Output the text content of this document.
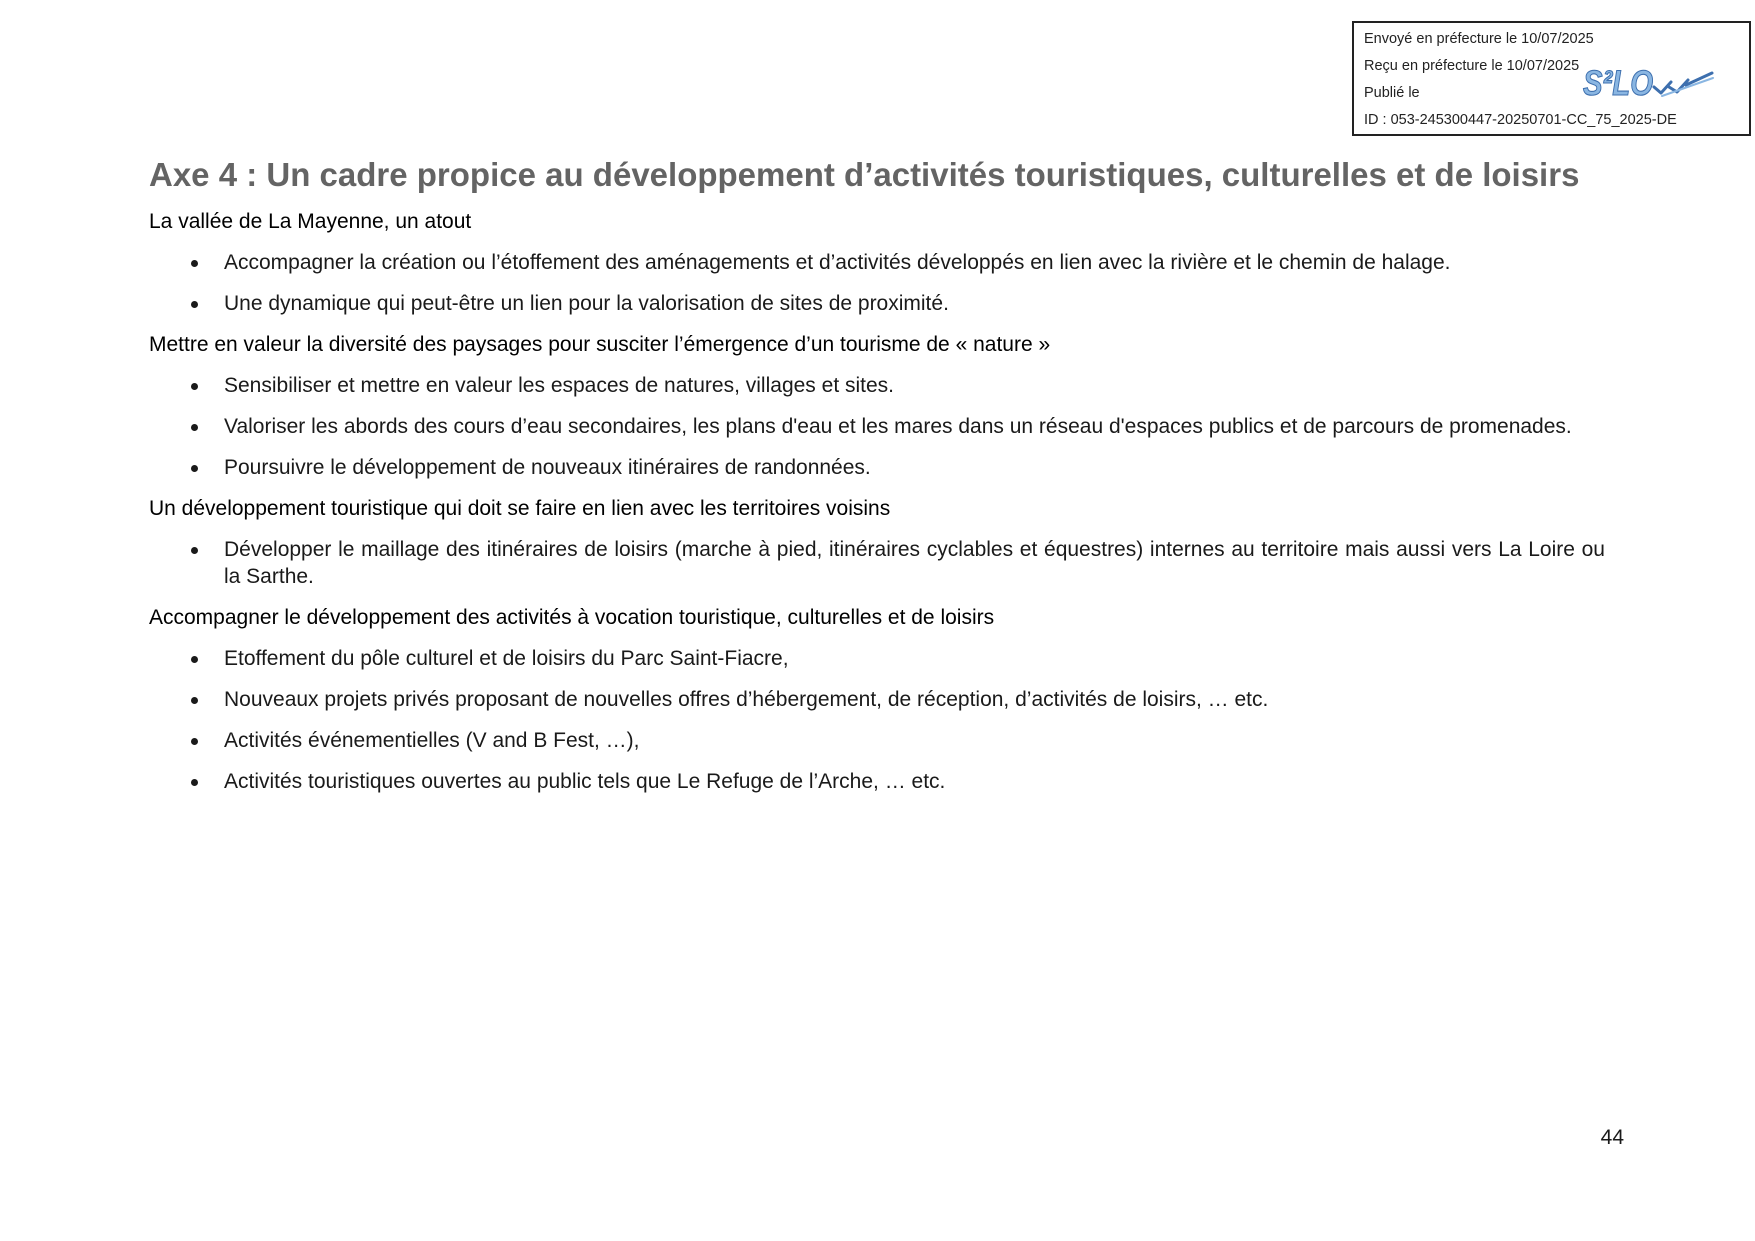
Envoyé en préfecture le 10/07/2025
Reçu en préfecture le 10/07/2025
Publié le
ID : 053-245300447-20250701-CC_75_2025-DE
S²LO
Axe 4 : Un cadre propice au développement d’activités touristiques, culturelles et de loisirs

La vallée de La Mayenne, un atout

Accompagner la création ou l’étoffement des aménagements et d’activités développés en lien avec la rivière et le chemin de halage.
Une dynamique qui peut-être un lien pour la valorisation de sites de proximité.

Mettre en valeur la diversité des paysages pour susciter l’émergence d’un tourisme de « nature »

Sensibiliser et mettre en valeur les espaces de natures, villages et sites.
Valoriser les abords des cours d’eau secondaires, les plans d'eau et les mares dans un réseau d'espaces publics et de parcours de promenades.
Poursuivre le développement de nouveaux itinéraires de randonnées.

Un développement touristique qui doit se faire en lien avec les territoires voisins

Développer le maillage des itinéraires de loisirs (marche à pied, itinéraires cyclables et équestres) internes au territoire mais aussi vers La Loire ou la Sarthe.

Accompagner le développement des activités à vocation touristique, culturelles et de loisirs

Etoffement du pôle culturel et de loisirs du Parc Saint-Fiacre,
Nouveaux projets privés proposant de nouvelles offres d’hébergement, de réception, d’activités de loisirs, … etc.
Activités événementielles (V and B Fest, …),
Activités touristiques ouvertes au public tels que Le Refuge de l’Arche, … etc.
44
